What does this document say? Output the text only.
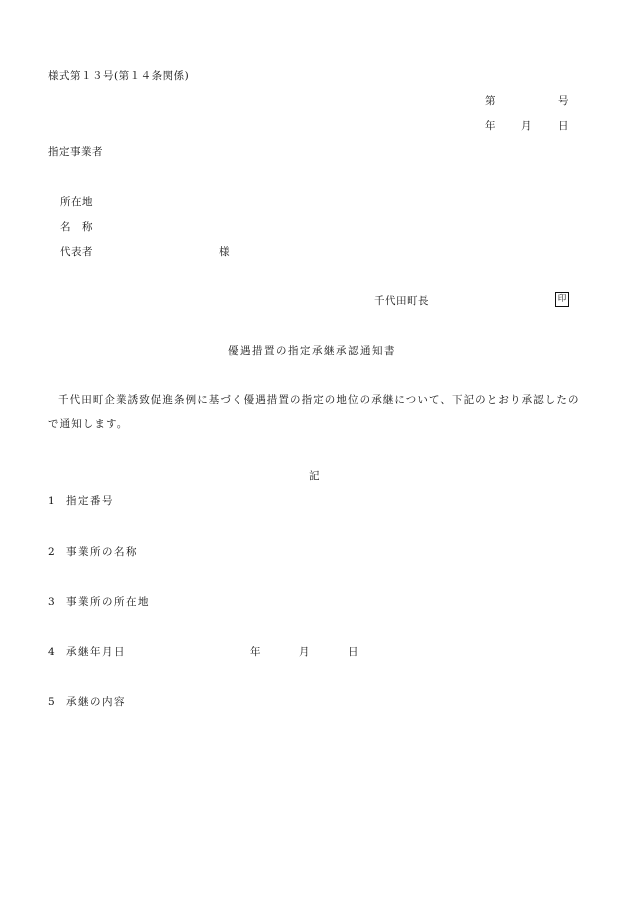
様式第１３号(第１４条関係)
第	号
年 月 日
指定事業者
所在地
名　称
代表者	様
千代田町長	印
優遇措置の指定承継承認通知書
千代田町企業誘致促進条例に基づく優遇措置の指定の地位の承継について、下記のとおり承認したので通知します。
記
1 指定番号
2 事業所の名称
3 事業所の所在地
4 承継年月日	年	月	日
5 承継の内容
